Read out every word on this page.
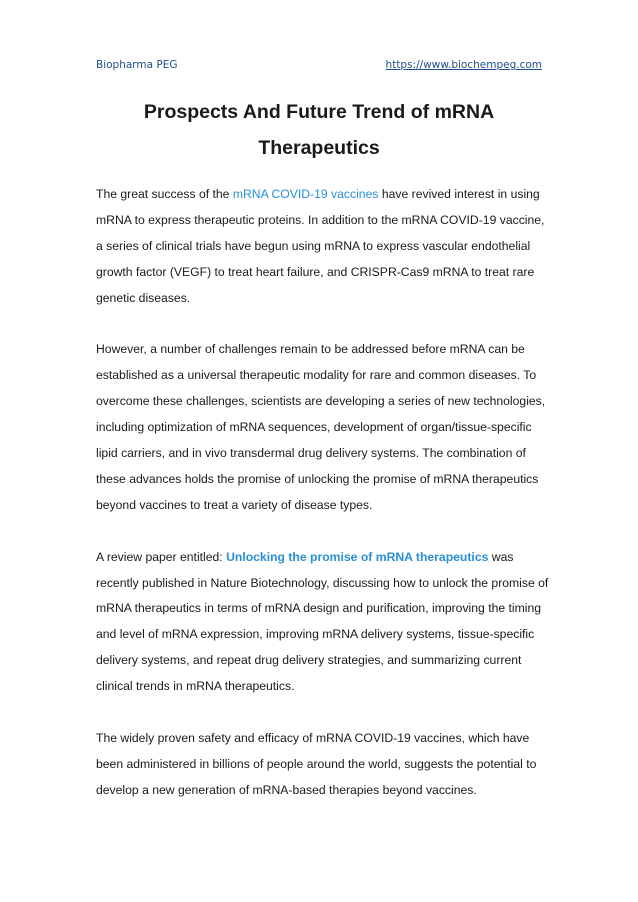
Biopharma PEG	https://www.biochempeg.com
Prospects And Future Trend of mRNA
Therapeutics

The great success of the mRNA COVID-19 vaccines have revived interest in using mRNA to express therapeutic proteins. In addition to the mRNA COVID-19 vaccine, a series of clinical trials have begun using mRNA to express vascular endothelial growth factor (VEGF) to treat heart failure, and CRISPR-Cas9 mRNA to treat rare genetic diseases.

However, a number of challenges remain to be addressed before mRNA can be established as a universal therapeutic modality for rare and common diseases. To overcome these challenges, scientists are developing a series of new technologies, including optimization of mRNA sequences, development of organ/tissue-specific lipid carriers, and in vivo transdermal drug delivery systems. The combination of these advances holds the promise of unlocking the promise of mRNA therapeutics beyond vaccines to treat a variety of disease types.

A review paper entitled: Unlocking the promise of mRNA therapeutics was recently published in Nature Biotechnology, discussing how to unlock the promise of mRNA therapeutics in terms of mRNA design and purification, improving the timing and level of mRNA expression, improving mRNA delivery systems, tissue-specific delivery systems, and repeat drug delivery strategies, and summarizing current clinical trends in mRNA therapeutics.

The widely proven safety and efficacy of mRNA COVID-19 vaccines, which have been administered in billions of people around the world, suggests the potential to develop a new generation of mRNA-based therapies beyond vaccines.
